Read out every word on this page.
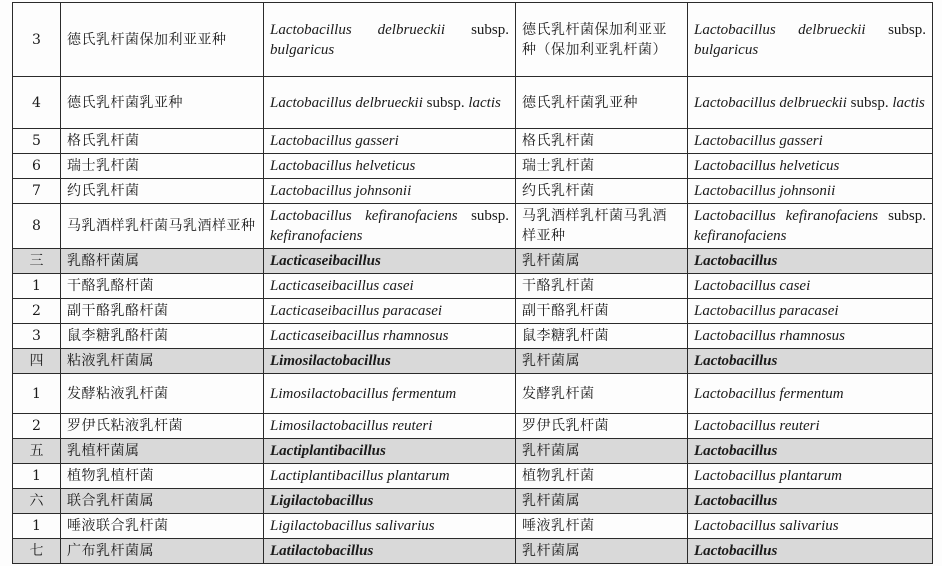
3	德氏乳杆菌保加利亚亚种	Lactobacillus delbrueckii subsp. bulgaricus	德氏乳杆菌保加利亚亚种（保加利亚乳杆菌）	Lactobacillus delbrueckii subsp. bulgaricus
4	德氏乳杆菌乳亚种	Lactobacillus delbrueckii subsp. lactis	德氏乳杆菌乳亚种	Lactobacillus delbrueckii subsp. lactis
5	格氏乳杆菌	Lactobacillus gasseri	格氏乳杆菌	Lactobacillus gasseri
6	瑞士乳杆菌	Lactobacillus helveticus	瑞士乳杆菌	Lactobacillus helveticus
7	约氏乳杆菌	Lactobacillus johnsonii	约氏乳杆菌	Lactobacillus johnsonii
8	马乳酒样乳杆菌马乳酒样亚种	Lactobacillus kefiranofaciens subsp. kefiranofaciens	马乳酒样乳杆菌马乳酒样亚种	Lactobacillus kefiranofaciens subsp. kefiranofaciens
三	乳酪杆菌属	Lacticaseibacillus	乳杆菌属	Lactobacillus
1	干酪乳酪杆菌	Lacticaseibacillus casei	干酪乳杆菌	Lactobacillus casei
2	副干酪乳酪杆菌	Lacticaseibacillus paracasei	副干酪乳杆菌	Lactobacillus paracasei
3	鼠李糖乳酪杆菌	Lacticaseibacillus rhamnosus	鼠李糖乳杆菌	Lactobacillus rhamnosus
四	粘液乳杆菌属	Limosilactobacillus	乳杆菌属	Lactobacillus
1	发酵粘液乳杆菌	Limosilactobacillus fermentum	发酵乳杆菌	Lactobacillus fermentum
2	罗伊氏粘液乳杆菌	Limosilactobacillus reuteri	罗伊氏乳杆菌	Lactobacillus reuteri
五	乳植杆菌属	Lactiplantibacillus	乳杆菌属	Lactobacillus
1	植物乳植杆菌	Lactiplantibacillus plantarum	植物乳杆菌	Lactobacillus plantarum
六	联合乳杆菌属	Ligilactobacillus	乳杆菌属	Lactobacillus
1	唾液联合乳杆菌	Ligilactobacillus salivarius	唾液乳杆菌	Lactobacillus salivarius
七	广布乳杆菌属	Latilactobacillus	乳杆菌属	Lactobacillus
